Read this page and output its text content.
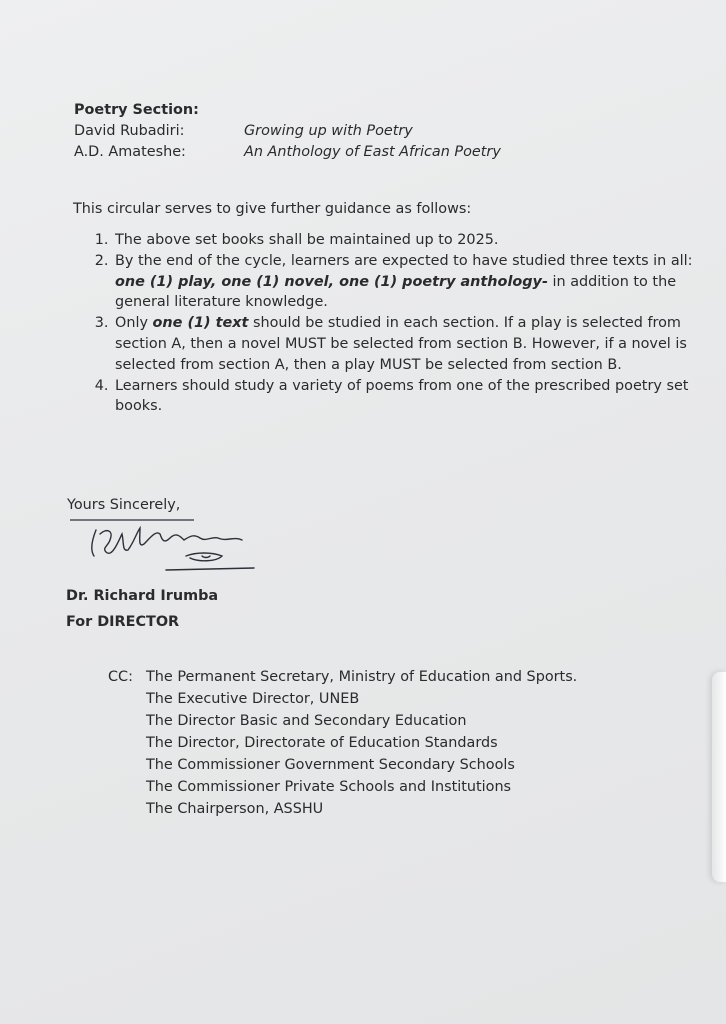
Poetry Section:
David Rubadiri:	Growing up with Poetry
A.D. Amateshe:	An Anthology of East African Poetry
This circular serves to give further guidance as follows:
1. The above set books shall be maintained up to 2025.
2. By the end of the cycle, learners are expected to have studied three texts in all: one (1) play, one (1) novel, one (1) poetry anthology- in addition to the general literature knowledge.
3. Only one (1) text should be studied in each section. If a play is selected from section A, then a novel MUST be selected from section B. However, if a novel is selected from section A, then a play MUST be selected from section B.
4. Learners should study a variety of poems from one of the prescribed poetry set books.
Yours Sincerely,
Dr. Richard Irumba
For DIRECTOR
CC: The Permanent Secretary, Ministry of Education and Sports.
The Executive Director, UNEB
The Director Basic and Secondary Education
The Director, Directorate of Education Standards
The Commissioner Government Secondary Schools
The Commissioner Private Schools and Institutions
The Chairperson, ASSHU
